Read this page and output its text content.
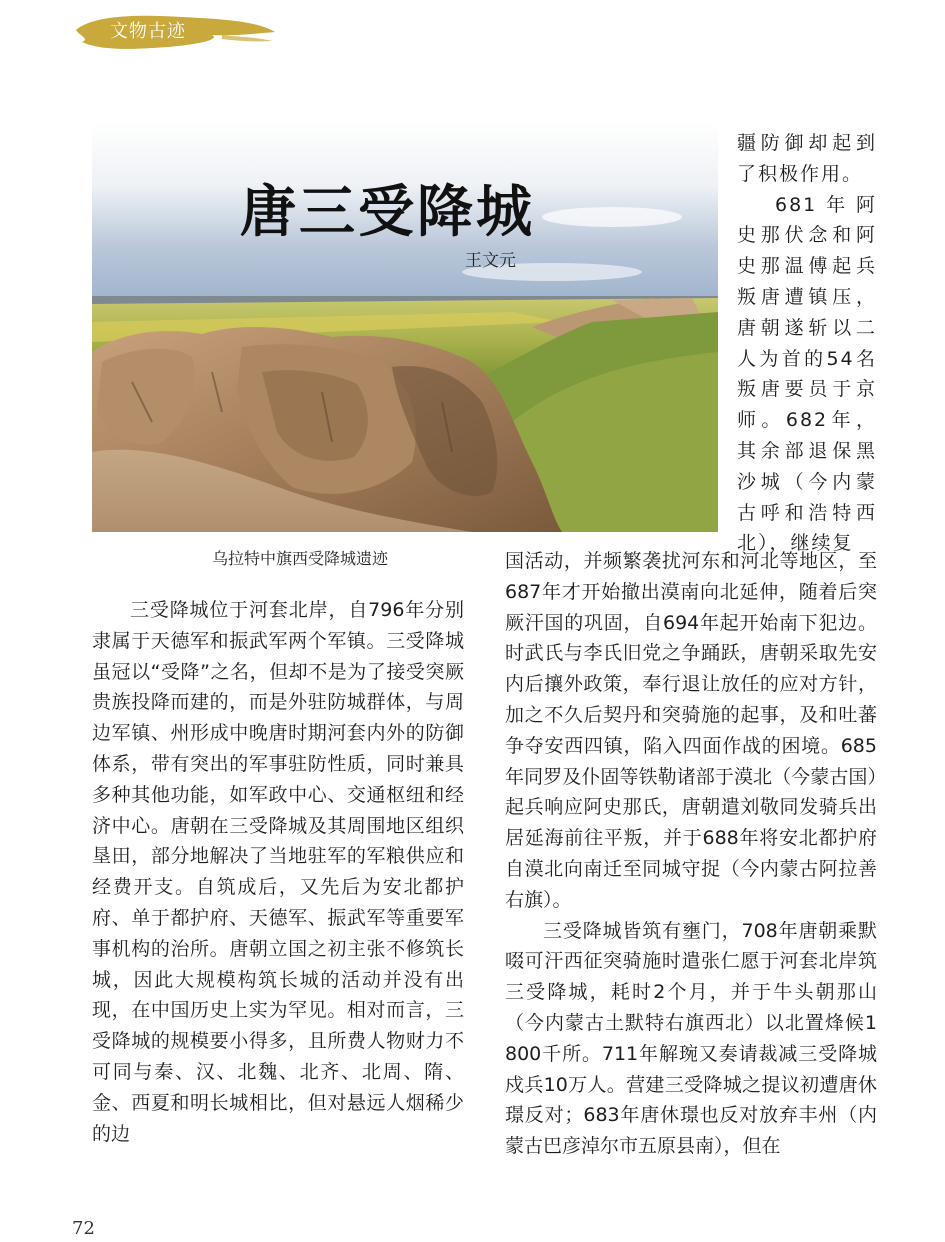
文物古迹
唐三受降城
王文元
乌拉特中旗西受降城遗迹
疆防御却起到了积极作用。
681年阿史那伏念和阿史那温傅起兵叛唐遭镇压，唐朝遂斩以二人为首的54名叛唐要员于京师。682年，其余部退保黑沙城（今内蒙古呼和浩特西北），继续复

三受降城位于河套北岸，自796年分别隶属于天德军和振武军两个军镇。三受降城虽冠以“受降”之名，但却不是为了接受突厥贵族投降而建的，而是外驻防城群体，与周边军镇、州形成中晚唐时期河套内外的防御体系，带有突出的军事驻防性质，同时兼具多种其他功能，如军政中心、交通枢纽和经济中心。唐朝在三受降城及其周围地区组织垦田，部分地解决了当地驻军的军粮供应和经费开支。自筑成后，又先后为安北都护府、单于都护府、天德军、振武军等重要军事机构的治所。唐朝立国之初主张不修筑长城，因此大规模构筑长城的活动并没有出现，在中国历史上实为罕见。相对而言，三受降城的规模要小得多，且所费人物财力不可同与秦、汉、北魏、北齐、北周、隋、金、西夏和明长城相比，但对悬远人烟稀少的边

国活动，并频繁袭扰河东和河北等地区，至687年才开始撤出漠南向北延伸，随着后突厥汗国的巩固，自694年起开始南下犯边。时武氏与李氏旧党之争踊跃，唐朝采取先安内后攘外政策，奉行退让放任的应对方针，加之不久后契丹和突骑施的起事，及和吐蕃争夺安西四镇，陷入四面作战的困境。685年同罗及仆固等铁勒诸部于漠北（今蒙古国）起兵响应阿史那氏，唐朝遣刘敬同发骑兵出居延海前往平叛，并于688年将安北都护府自漠北向南迁至同城守捉（今内蒙古阿拉善右旗）。
三受降城皆筑有壅门，708年唐朝乘默啜可汗西征突骑施时遣张仁愿于河套北岸筑三受降城，耗时2个月，并于牛头朝那山（今内蒙古土默特右旗西北）以北置烽候1 800千所。711年解琬又奏请裁减三受降城戍兵10万人。营建三受降城之提议初遭唐休璟反对；683年唐休璟也反对放弃丰州（内蒙古巴彦淖尔市五原县南），但在
72
